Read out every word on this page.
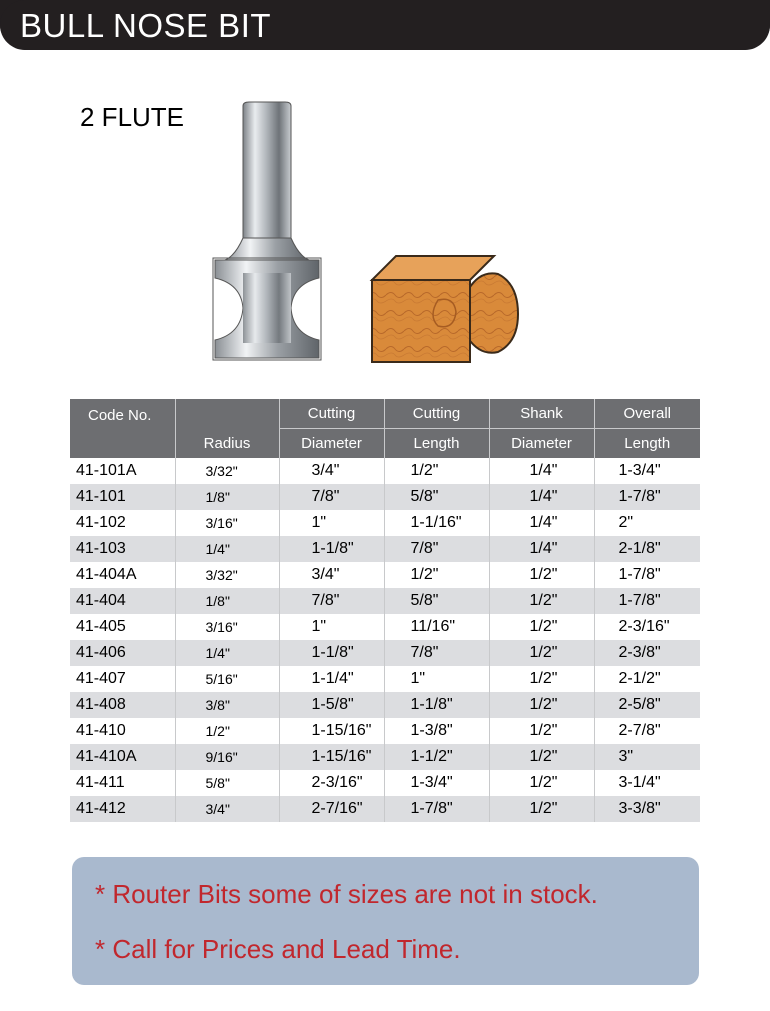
BULL NOSE BIT
2 FLUTE
Code No.	Radius	Cutting	Cutting	Shank	Overall
		Diameter	Length	Diameter	Length
41-101A	3/32"	3/4"	1/2"	1/4"	1-3/4"
41-101	1/8"	7/8"	5/8"	1/4"	1-7/8"
41-102	3/16"	1"	1-1/16"	1/4"	2"
41-103	1/4"	1-1/8"	7/8"	1/4"	2-1/8"
41-404A	3/32"	3/4"	1/2"	1/2"	1-7/8"
41-404	1/8"	7/8"	5/8"	1/2"	1-7/8"
41-405	3/16"	1"	11/16"	1/2"	2-3/16"
41-406	1/4"	1-1/8"	7/8"	1/2"	2-3/8"
41-407	5/16"	1-1/4"	1"	1/2"	2-1/2"
41-408	3/8"	1-5/8"	1-1/8"	1/2"	2-5/8"
41-410	1/2"	1-15/16"	1-3/8"	1/2"	2-7/8"
41-410A	9/16"	1-15/16"	1-1/2"	1/2"	3"
41-411	5/8"	2-3/16"	1-3/4"	1/2"	3-1/4"
41-412	3/4"	2-7/16"	1-7/8"	1/2"	3-3/8"
* Router Bits some of sizes are not in stock.
* Call for Prices and Lead Time.
